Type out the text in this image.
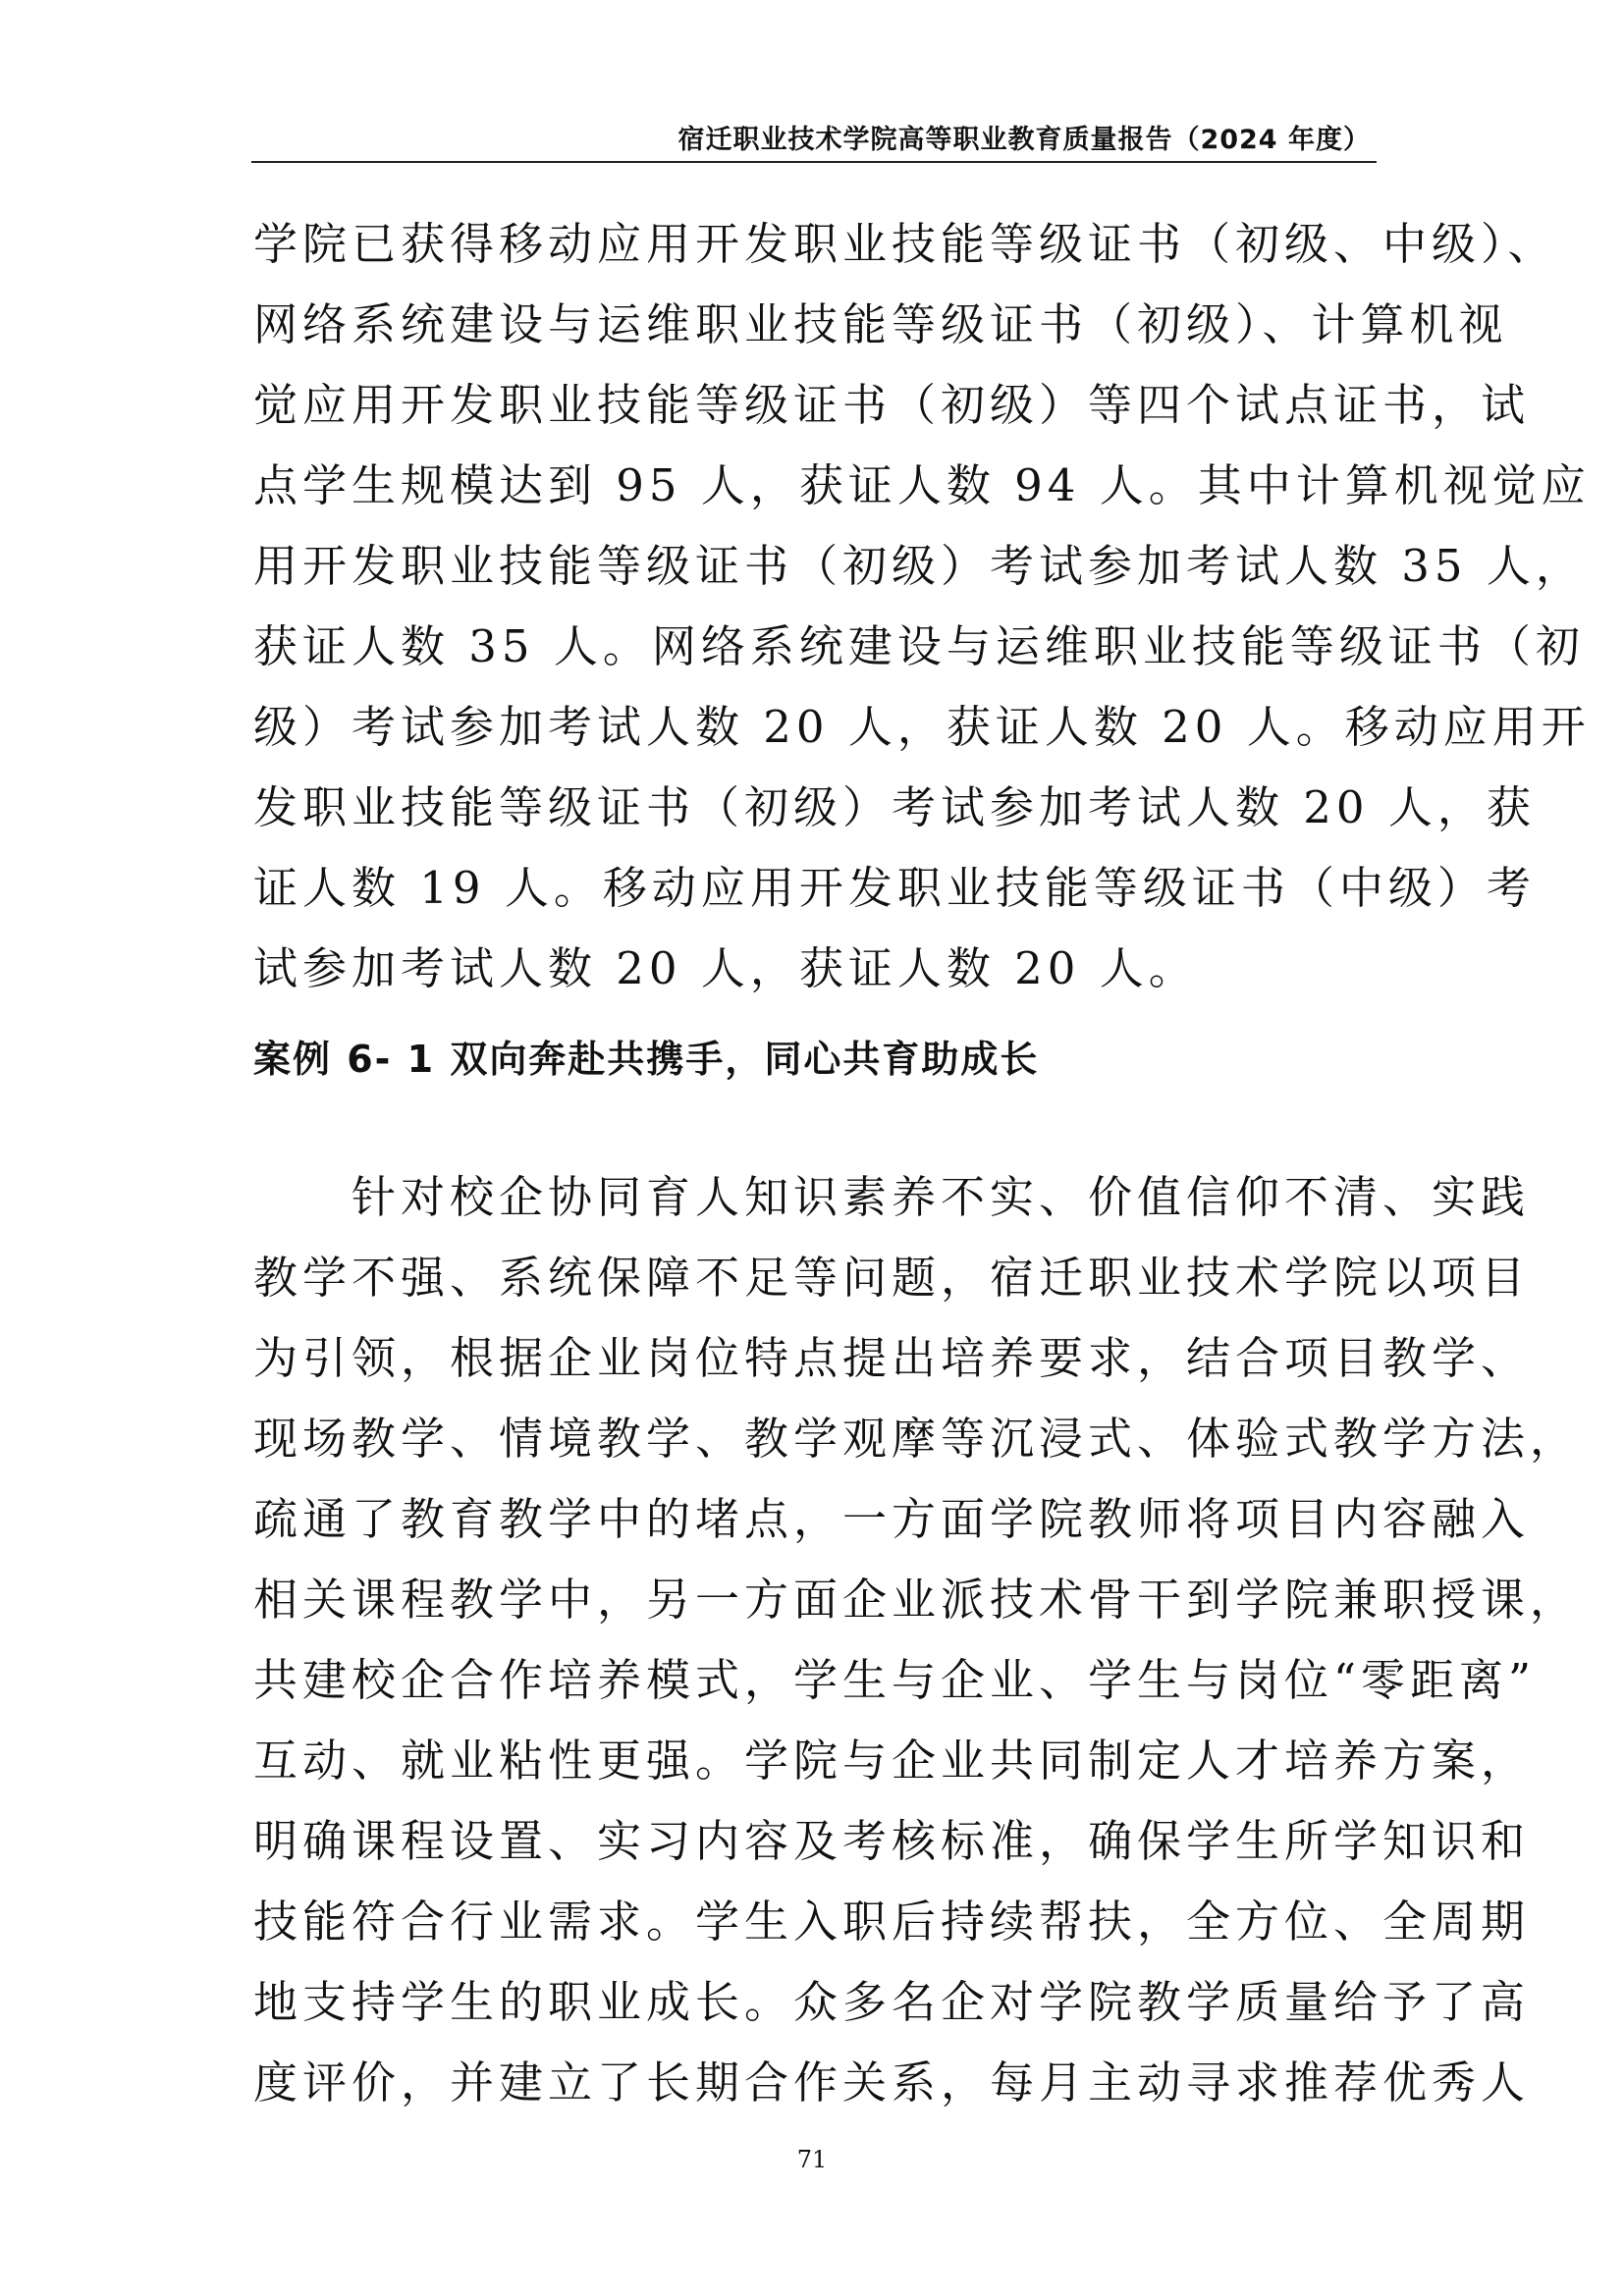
宿迁职业技术学院高等职业教育质量报告（2024 年度）
学院已获得移动应用开发职业技能等级证书（初级、中级）、
网络系统建设与运维职业技能等级证书（初级）、计算机视
觉应用开发职业技能等级证书（初级）等四个试点证书，试
点学生规模达到 95 人，获证人数 94 人。其中计算机视觉应
用开发职业技能等级证书（初级）考试参加考试人数 35 人，
获证人数 35 人。网络系统建设与运维职业技能等级证书（初
级）考试参加考试人数 20 人，获证人数 20 人。移动应用开
发职业技能等级证书（初级）考试参加考试人数 20 人，获
证人数 19 人。移动应用开发职业技能等级证书（中级）考
试参加考试人数 20 人，获证人数 20 人。
案例 6- 1 双向奔赴共携手，同心共育助成长
　　针对校企协同育人知识素养不实、价值信仰不清、实践
教学不强、系统保障不足等问题，宿迁职业技术学院以项目
为引领，根据企业岗位特点提出培养要求，结合项目教学、
现场教学、情境教学、教学观摩等沉浸式、体验式教学方法，
疏通了教育教学中的堵点，一方面学院教师将项目内容融入
相关课程教学中，另一方面企业派技术骨干到学院兼职授课，
共建校企合作培养模式，学生与企业、学生与岗位“零距离”
互动、就业粘性更强。学院与企业共同制定人才培养方案，
明确课程设置、实习内容及考核标准，确保学生所学知识和
技能符合行业需求。学生入职后持续帮扶，全方位、全周期
地支持学生的职业成长。众多名企对学院教学质量给予了高
度评价，并建立了长期合作关系，每月主动寻求推荐优秀人
71
